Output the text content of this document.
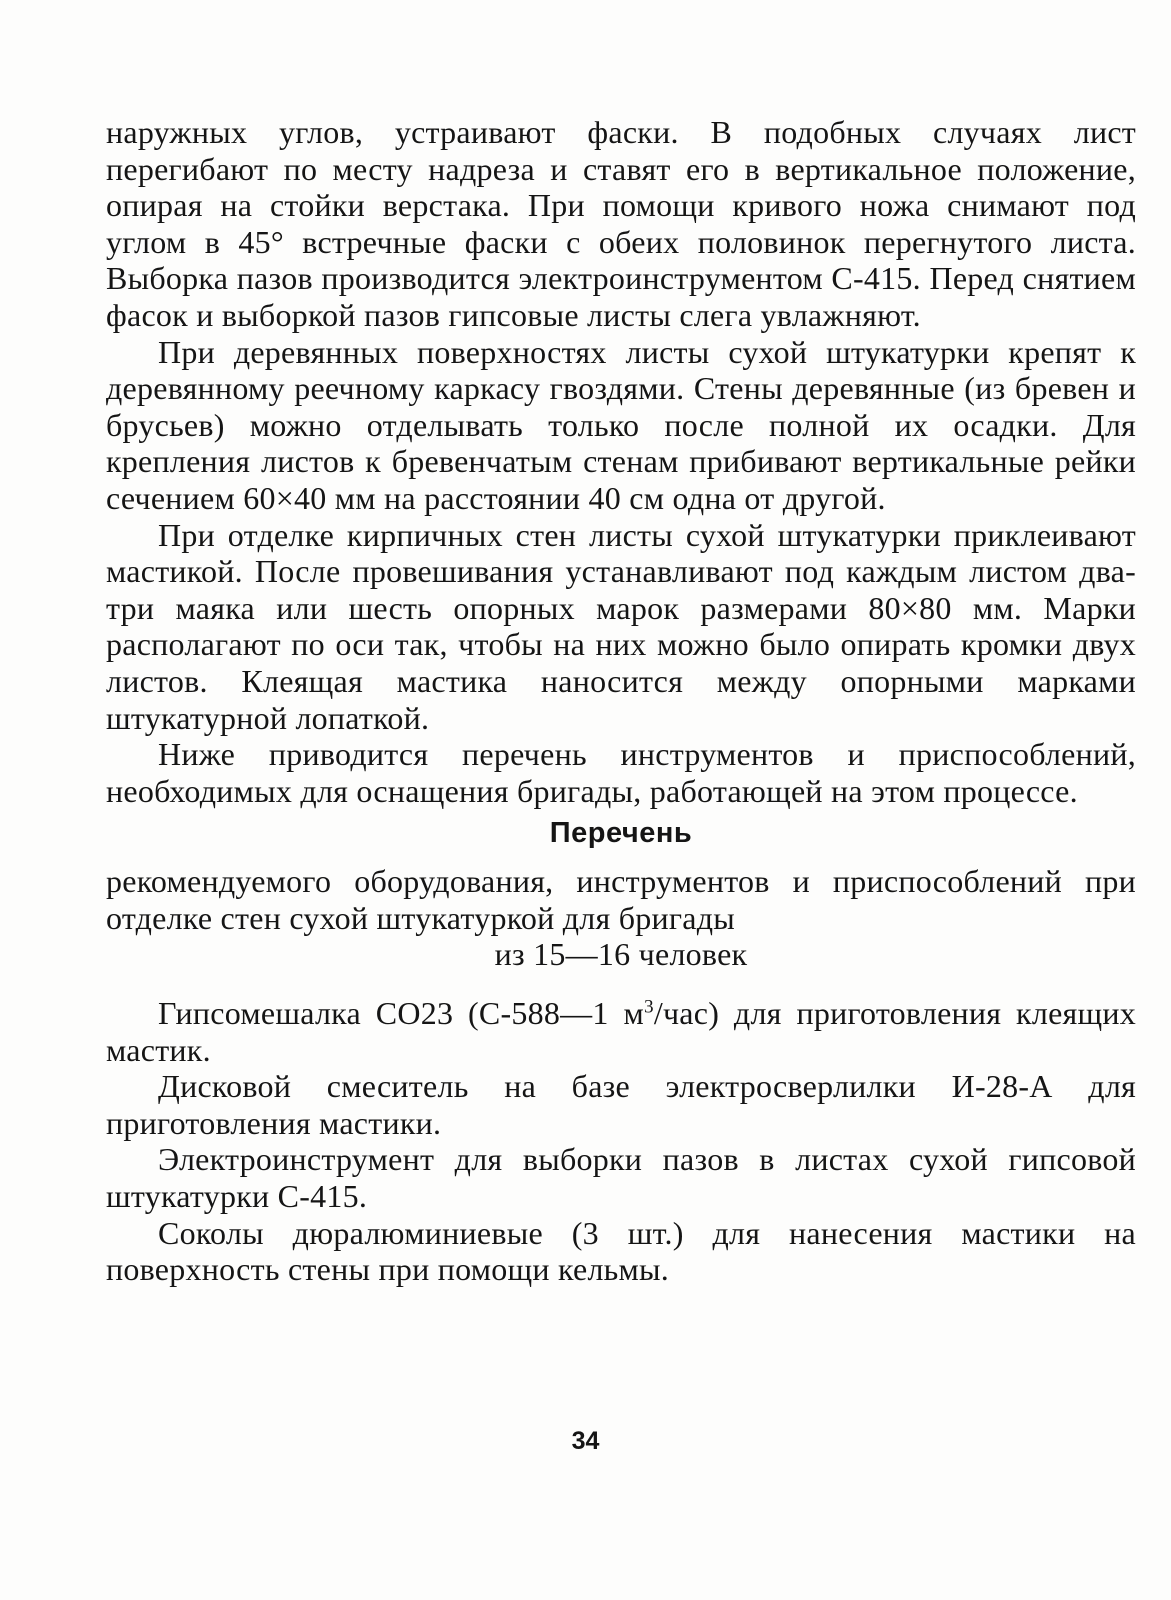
наружных углов, устраивают фаски. В подобных случаях лист перегибают по месту надреза и ставят его в вертикальное положение, опирая на стойки верстака. При помощи кривого ножа снимают под углом в 45° встречные фаски с обеих половинок перегнутого листа. Выборка пазов производится электроинструментом С-415. Перед снятием фасок и выборкой пазов гипсовые листы слега увлажняют.

При деревянных поверхностях листы сухой штукатурки крепят к деревянному реечному каркасу гвоздями. Стены деревянные (из бревен и брусьев) можно отделывать только после полной их осадки. Для крепления листов к бревенчатым стенам прибивают вертикальные рейки сечением 60×40 мм на расстоянии 40 см одна от другой.

При отделке кирпичных стен листы сухой штукатурки приклеивают мастикой. После провешивания устанавливают под каждым листом два-три маяка или шесть опорных марок размерами 80×80 мм. Марки располагают по оси так, чтобы на них можно было опирать кромки двух листов. Клеящая мастика наносится между опорными марками штукатурной лопаткой.

Ниже приводится перечень инструментов и приспособлений, необходимых для оснащения бригады, работающей на этом процессе.

Перечень

рекомендуемого оборудования, инструментов и приспособлений при отделке стен сухой штукатуркой для бригады

из 15—16 человек

Гипсомешалка СО23 (С-588—1 $м^3/час$) для приготовления клеящих мастик.

Дисковой смеситель на базе электросверлилки И-28-А для приготовления мастики.

Электроинструмент для выборки пазов в листах сухой гипсовой штукатурки С-415.

Соколы дюралюминиевые (3 шт.) для нанесения мастики на поверхность стены при помощи кельмы.

34
